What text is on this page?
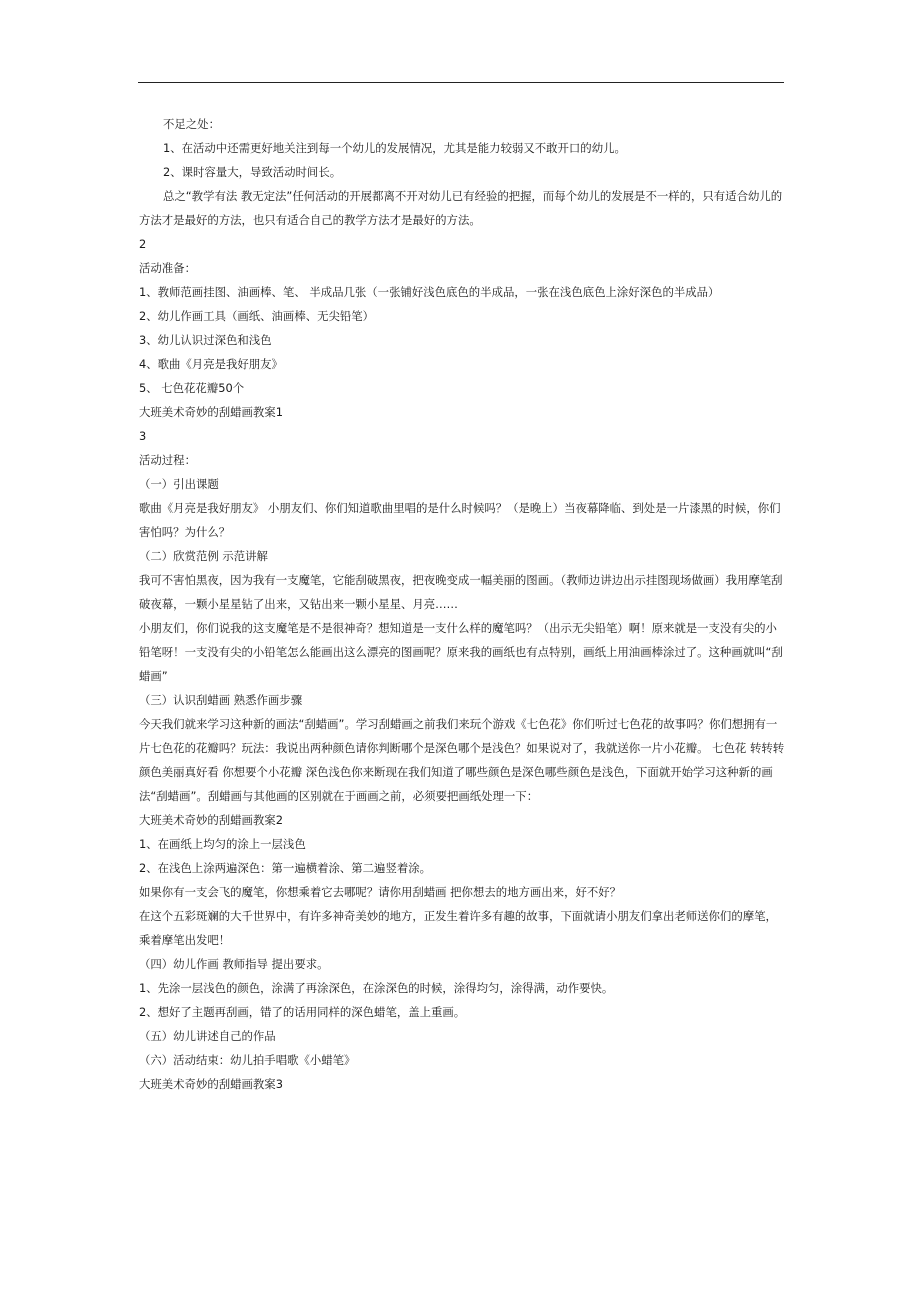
不足之处：

1、在活动中还需更好地关注到每一个幼儿的发展情况，尤其是能力较弱又不敢开口的幼儿。

2、课时容量大，导致活动时间长。

总之“教学有法 教无定法”任何活动的开展都离不开对幼儿已有经验的把握，而每个幼儿的发展是不一样的，只有适合幼儿的方法才是最好的方法，也只有适合自己的教学方法才是最好的方法。

2

活动准备：

1、教师范画挂图、油画棒、笔、 半成品几张（一张铺好浅色底色的半成品，一张在浅色底色上涂好深色的半成品）

2、幼儿作画工具（画纸、油画棒、无尖铅笔）

3、幼儿认识过深色和浅色

4、歌曲《月亮是我好朋友》

5、 七色花花瓣50个

大班美术奇妙的刮蜡画教案1

3

活动过程：

（一）引出课题

歌曲《月亮是我好朋友》 小朋友们、你们知道歌曲里唱的是什么时候吗？（是晚上）当夜幕降临、到处是一片漆黑的时候，你们害怕吗？为什么？

（二）欣赏范例 示范讲解

我可不害怕黑夜，因为我有一支魔笔，它能刮破黑夜，把夜晚变成一幅美丽的图画。（教师边讲边出示挂图现场做画）我用摩笔刮破夜幕，一颗小星星钻了出来，又钻出来一颗小星星、月亮……

小朋友们，你们说我的这支魔笔是不是很神奇？想知道是一支什么样的魔笔吗？（出示无尖铅笔）啊！原来就是一支没有尖的小铅笔呀！一支没有尖的小铅笔怎么能画出这么漂亮的图画呢？原来我的画纸也有点特别，画纸上用油画棒涂过了。这种画就叫“刮蜡画”

（三）认识刮蜡画 熟悉作画步骤

今天我们就来学习这种新的画法“刮蜡画”。学习刮蜡画之前我们来玩个游戏《七色花》你们听过七色花的故事吗？你们想拥有一片七色花的花瓣吗？玩法：我说出两种颜色请你判断哪个是深色哪个是浅色？如果说对了，我就送你一片小花瓣。 七色花 转转转 颜色美丽真好看 你想要个小花瓣 深色浅色你来断现在我们知道了哪些颜色是深色哪些颜色是浅色，下面就开始学习这种新的画法“刮蜡画”。刮蜡画与其他画的区别就在于画画之前，必须要把画纸处理一下：

大班美术奇妙的刮蜡画教案2

1、在画纸上均匀的涂上一层浅色

2、在浅色上涂两遍深色：第一遍横着涂、第二遍竖着涂。

如果你有一支会飞的魔笔，你想乘着它去哪呢？请你用刮蜡画 把你想去的地方画出来，好不好？

在这个五彩斑斓的大千世界中，有许多神奇美妙的地方，正发生着许多有趣的故事，下面就请小朋友们拿出老师送你们的摩笔，乘着摩笔出发吧！

（四）幼儿作画 教师指导 提出要求。

1、先涂一层浅色的颜色，涂满了再涂深色，在涂深色的时候，涂得均匀，涂得满，动作要快。

2、想好了主题再刮画，错了的话用同样的深色蜡笔，盖上重画。

（五）幼儿讲述自己的作品

（六）活动结束：幼儿拍手唱歌《小蜡笔》

大班美术奇妙的刮蜡画教案3
